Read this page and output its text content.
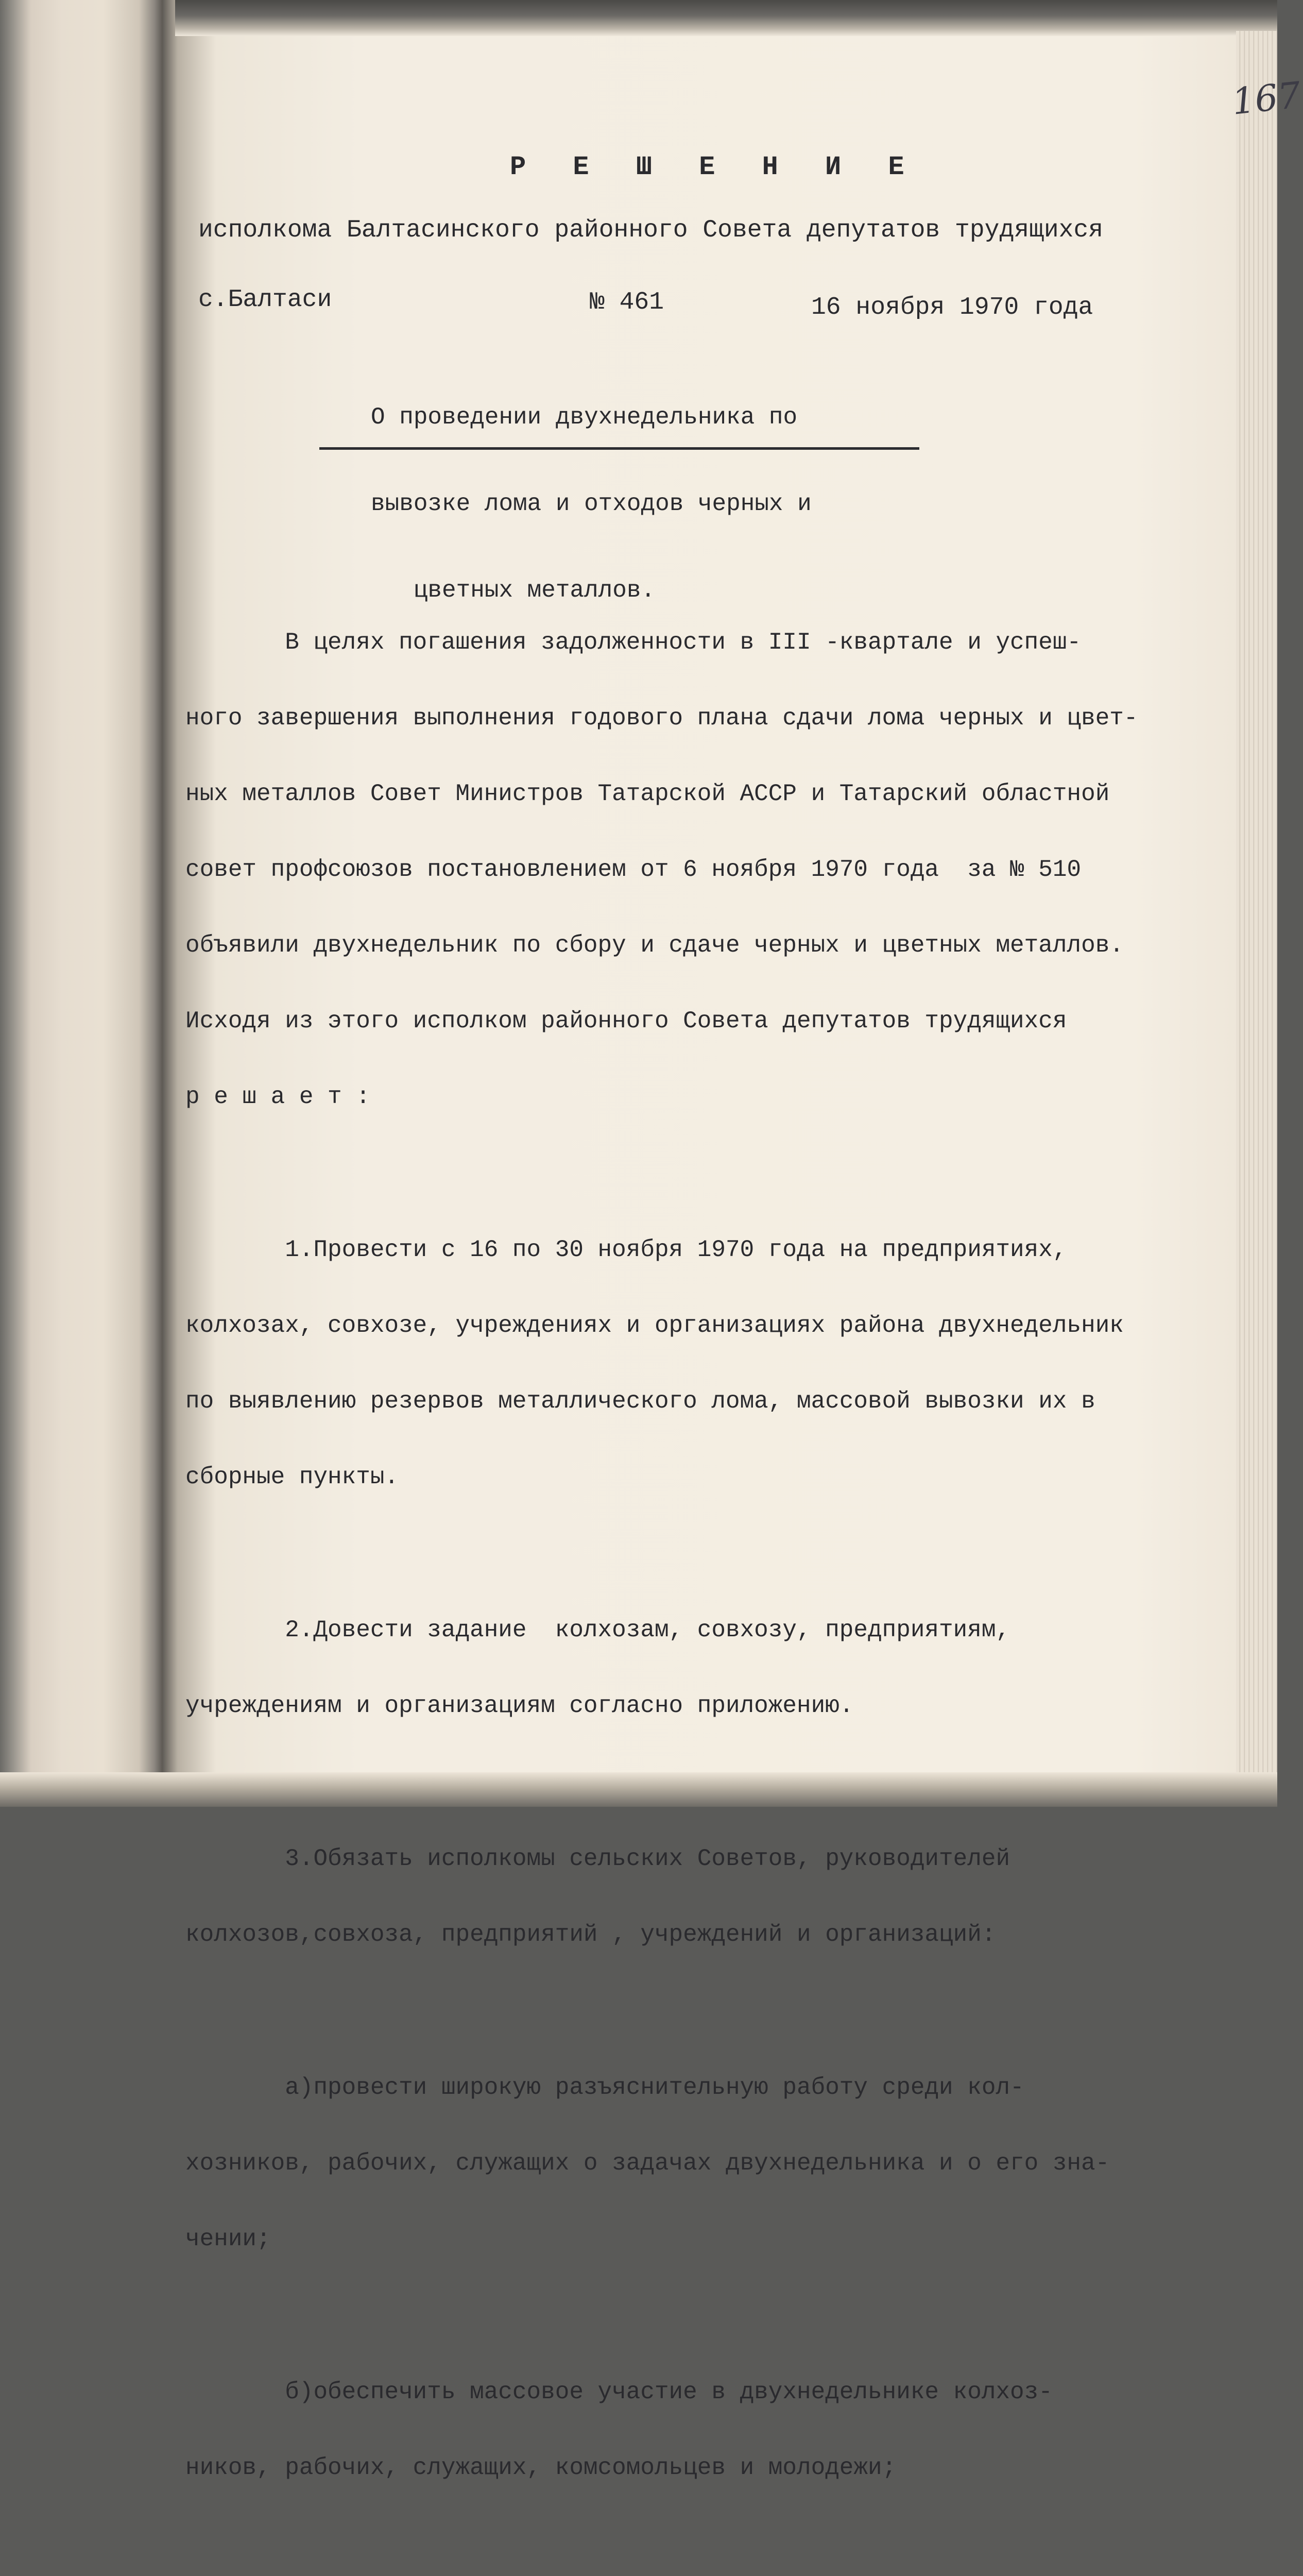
167
Р Е Ш Е Н И Е
исполкома Балтасинского районного Совета депутатов трудящихся
с.Балтаси	№ 461	16 ноября 1970 года

О проведении двухнедельника по

вывозке лома и отходов черных и

цветных металлов.

В целях погашения задолженности в III -квартале и успеш-

ного завершения выполнения годового плана сдачи лома черных и цвет-

ных металлов Совет Министров Татарской АССР и Татарский областной

совет профсоюзов постановлением от 6 ноября 1970 года  за № 510

объявили двухнедельник по сбору и сдаче черных и цветных металлов.

Исходя из этого исполком районного Совета депутатов трудящихся

р е ш а е т :

1.Провести с 16 по 30 ноября 1970 года на предприятиях,

колхозах, совхозе, учреждениях и организациях района двухнедельник

по выявлению резервов металлического лома, массовой вывозки их в

сборные пункты.

2.Довести задание  колхозам, совхозу, предприятиям,

учреждениям и организациям согласно приложению.

3.Обязать исполкомы сельских Советов, руководителей

колхозов,совхоза, предприятий , учреждений и организаций:

а)провести широкую разъяснительную работу среди кол-

хозников, рабочих, служащих о задачах двухнедельника и о его зна-

чении;

б)обеспечить массовое участие в двухнедельнике колхоз-

ников, рабочих, служащих, комсомольцев и молодежи;
